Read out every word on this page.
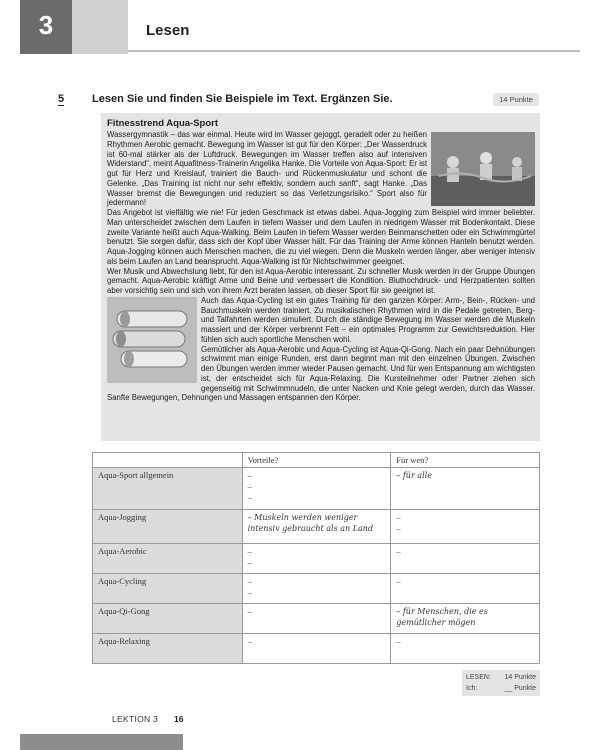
3	Lesen
5	Lesen Sie und finden Sie Beispiele im Text. Ergänzen Sie.	14 Punkte
Fitnesstrend Aqua-Sport

Wassergymnastik – das war einmal. Heute wird im Wasser gejoggt, geradelt oder zu heißen Rhythmen Aerobic gemacht. Bewegung im Wasser ist gut für den Körper: „Der Wasserdruck ist 60-mal stärker als der Luftdruck. Bewegungen im Wasser treffen also auf intensiven Widerstand“, meint Aquafitness-Trainerin Angelika Hanke. Die Vorteile von Aqua-Sport: Er ist gut für Herz und Kreislauf, trainiert die Bauch- und Rückenmuskulatur und schont die Gelenke. „Das Training ist nicht nur sehr effektiv, sondern auch sanft“, sagt Hanke. „Das Wasser bremst die Bewegungen und reduziert so das Verletzungsrisiko.“ Sport also für jedermann!

Das Angebot ist vielfältig wie nie! Für jeden Geschmack ist etwas dabei. Aqua-Jogging zum Beispiel wird immer beliebter. Man unterscheidet zwischen dem Laufen in tiefem Wasser und dem Laufen in niedrigem Wasser mit Bodenkontakt. Diese zweite Variante heißt auch Aqua-Walking. Beim Laufen in tiefem Wasser werden Beinmanschetten oder ein Schwimmgürtel benutzt. Sie sorgen dafür, dass sich der Kopf über Wasser hält. Für das Training der Arme können Hanteln benutzt werden. Aqua-Jogging können auch Menschen machen, die zu viel wiegen. Denn die Muskeln werden länger, aber weniger intensiv als beim Laufen an Land beansprucht. Aqua-Walking ist für Nichtschwimmer geeignet.

Wer Musik und Abwechslung liebt, für den ist Aqua-Aerobic interessant. Zu schneller Musik werden in der Gruppe Übungen gemacht. Aqua-Aerobic kräftigt Arme und Beine und verbessert die Kondition. Bluthochdruck- und Herzpatienten sollten aber vorsichtig sein und sich von ihrem Arzt beraten lassen, ob dieser Sport für sie geeignet ist.

Auch das Aqua-Cycling ist ein gutes Training für den ganzen Körper: Arm-, Bein-, Rücken- und Bauchmuskeln werden trainiert. Zu musikalischen Rhythmen wird in die Pedale getreten, Berg- und Talfahrten werden simuliert. Durch die ständige Bewegung im Wasser werden die Muskeln massiert und der Körper verbrennt Fett – ein optimales Programm zur Gewichtsreduktion. Hier fühlen sich auch sportliche Menschen wohl.

Gemütlicher als Aqua-Aerobic und Aqua-Cycling ist Aqua-Qi-Gong. Nach ein paar Dehnübungen schwimmt man einige Runden, erst dann beginnt man mit den einzelnen Übungen. Zwischen den Übungen werden immer wieder Pausen gemacht. Und für wen Entspannung am wichtigsten ist, der entscheidet sich für Aqua-Relaxing. Die Kursteilnehmer oder Partner ziehen sich gegenseitig mit Schwimmnudeln, die unter Nacken und Knie gelegt werden, durch das Wasser. Sanfte Bewegungen, Dehnungen und Massagen entspannen den Körper.

	Vorteile?	Für wen?
Aqua-Sport allgemein	–
–
–	– für alle

Aqua-Jogging	– Muskeln werden weniger intensiv gebraucht als an Land	–
–

Aqua-Aerobic	–
–	–

Aqua-Cycling	–
–	–

Aqua-Qi-Gong	–	– für Menschen, die es gemütlicher mögen

Aqua-Relaxing	–	–
LESEN: 14 Punkte
Ich:	__ Punkte
LEKTION 3 16
